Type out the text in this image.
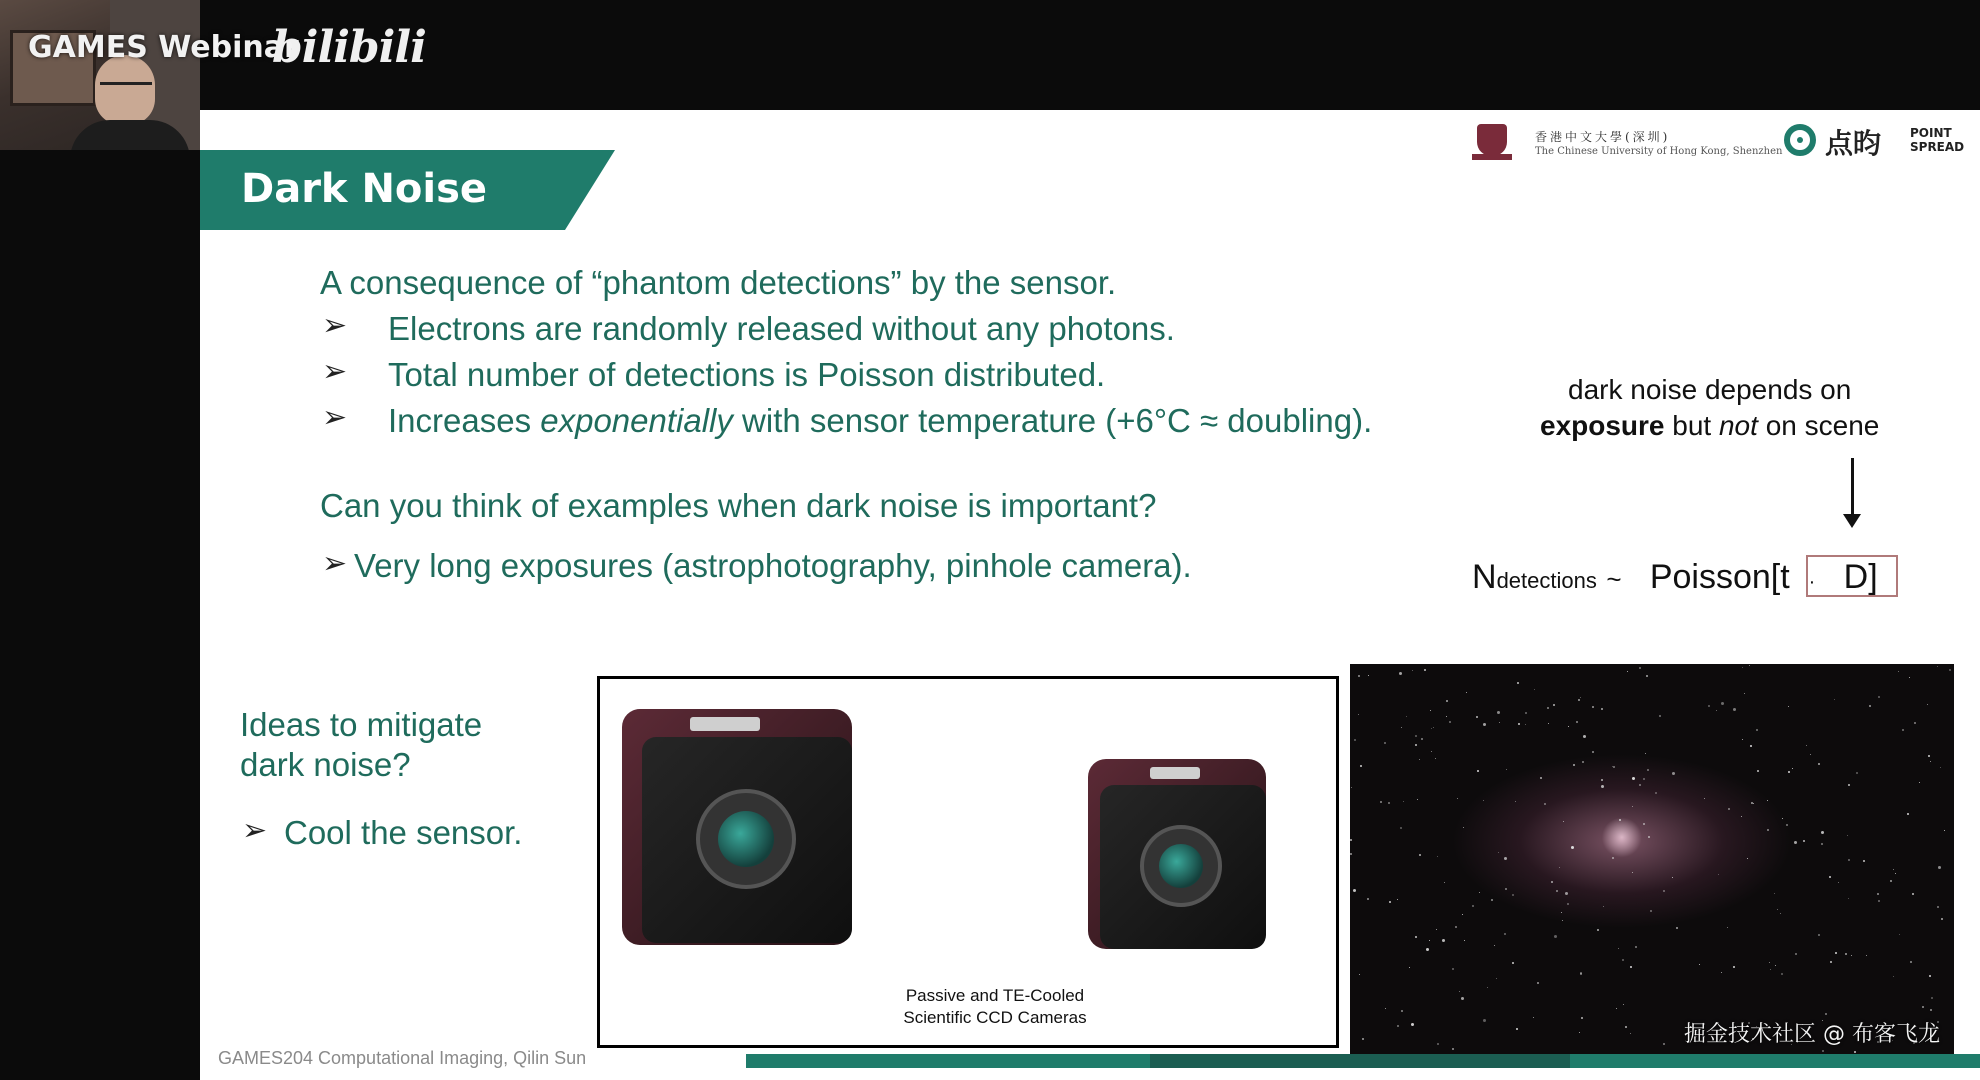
GAMES Webinar
bilibili
Dark Noise
香港中文大學(深圳)
The Chinese University of Hong Kong, Shenzhen 点昀 POINT
SPREAD
A consequence of “phantom detections” by the sensor.
➢ Electrons are randomly released without any photons.
➢ Total number of detections is Poisson distributed.
➢ Increases exponentially with sensor temperature (+6°C ≈ doubling).
Can you think of examples when dark noise is important?
➢ Very long exposures (astrophotography, pinhole camera).
dark noise depends on
exposure but not on scene
Ndetections ~ Poisson[t · D]
Ideas to mitigate
dark noise?
➢ Cool the sensor.
Passive and TE-Cooled
Scientific CCD Cameras
掘金技术社区 @ 布客飞龙
GAMES204 Computational Imaging, Qilin Sun
